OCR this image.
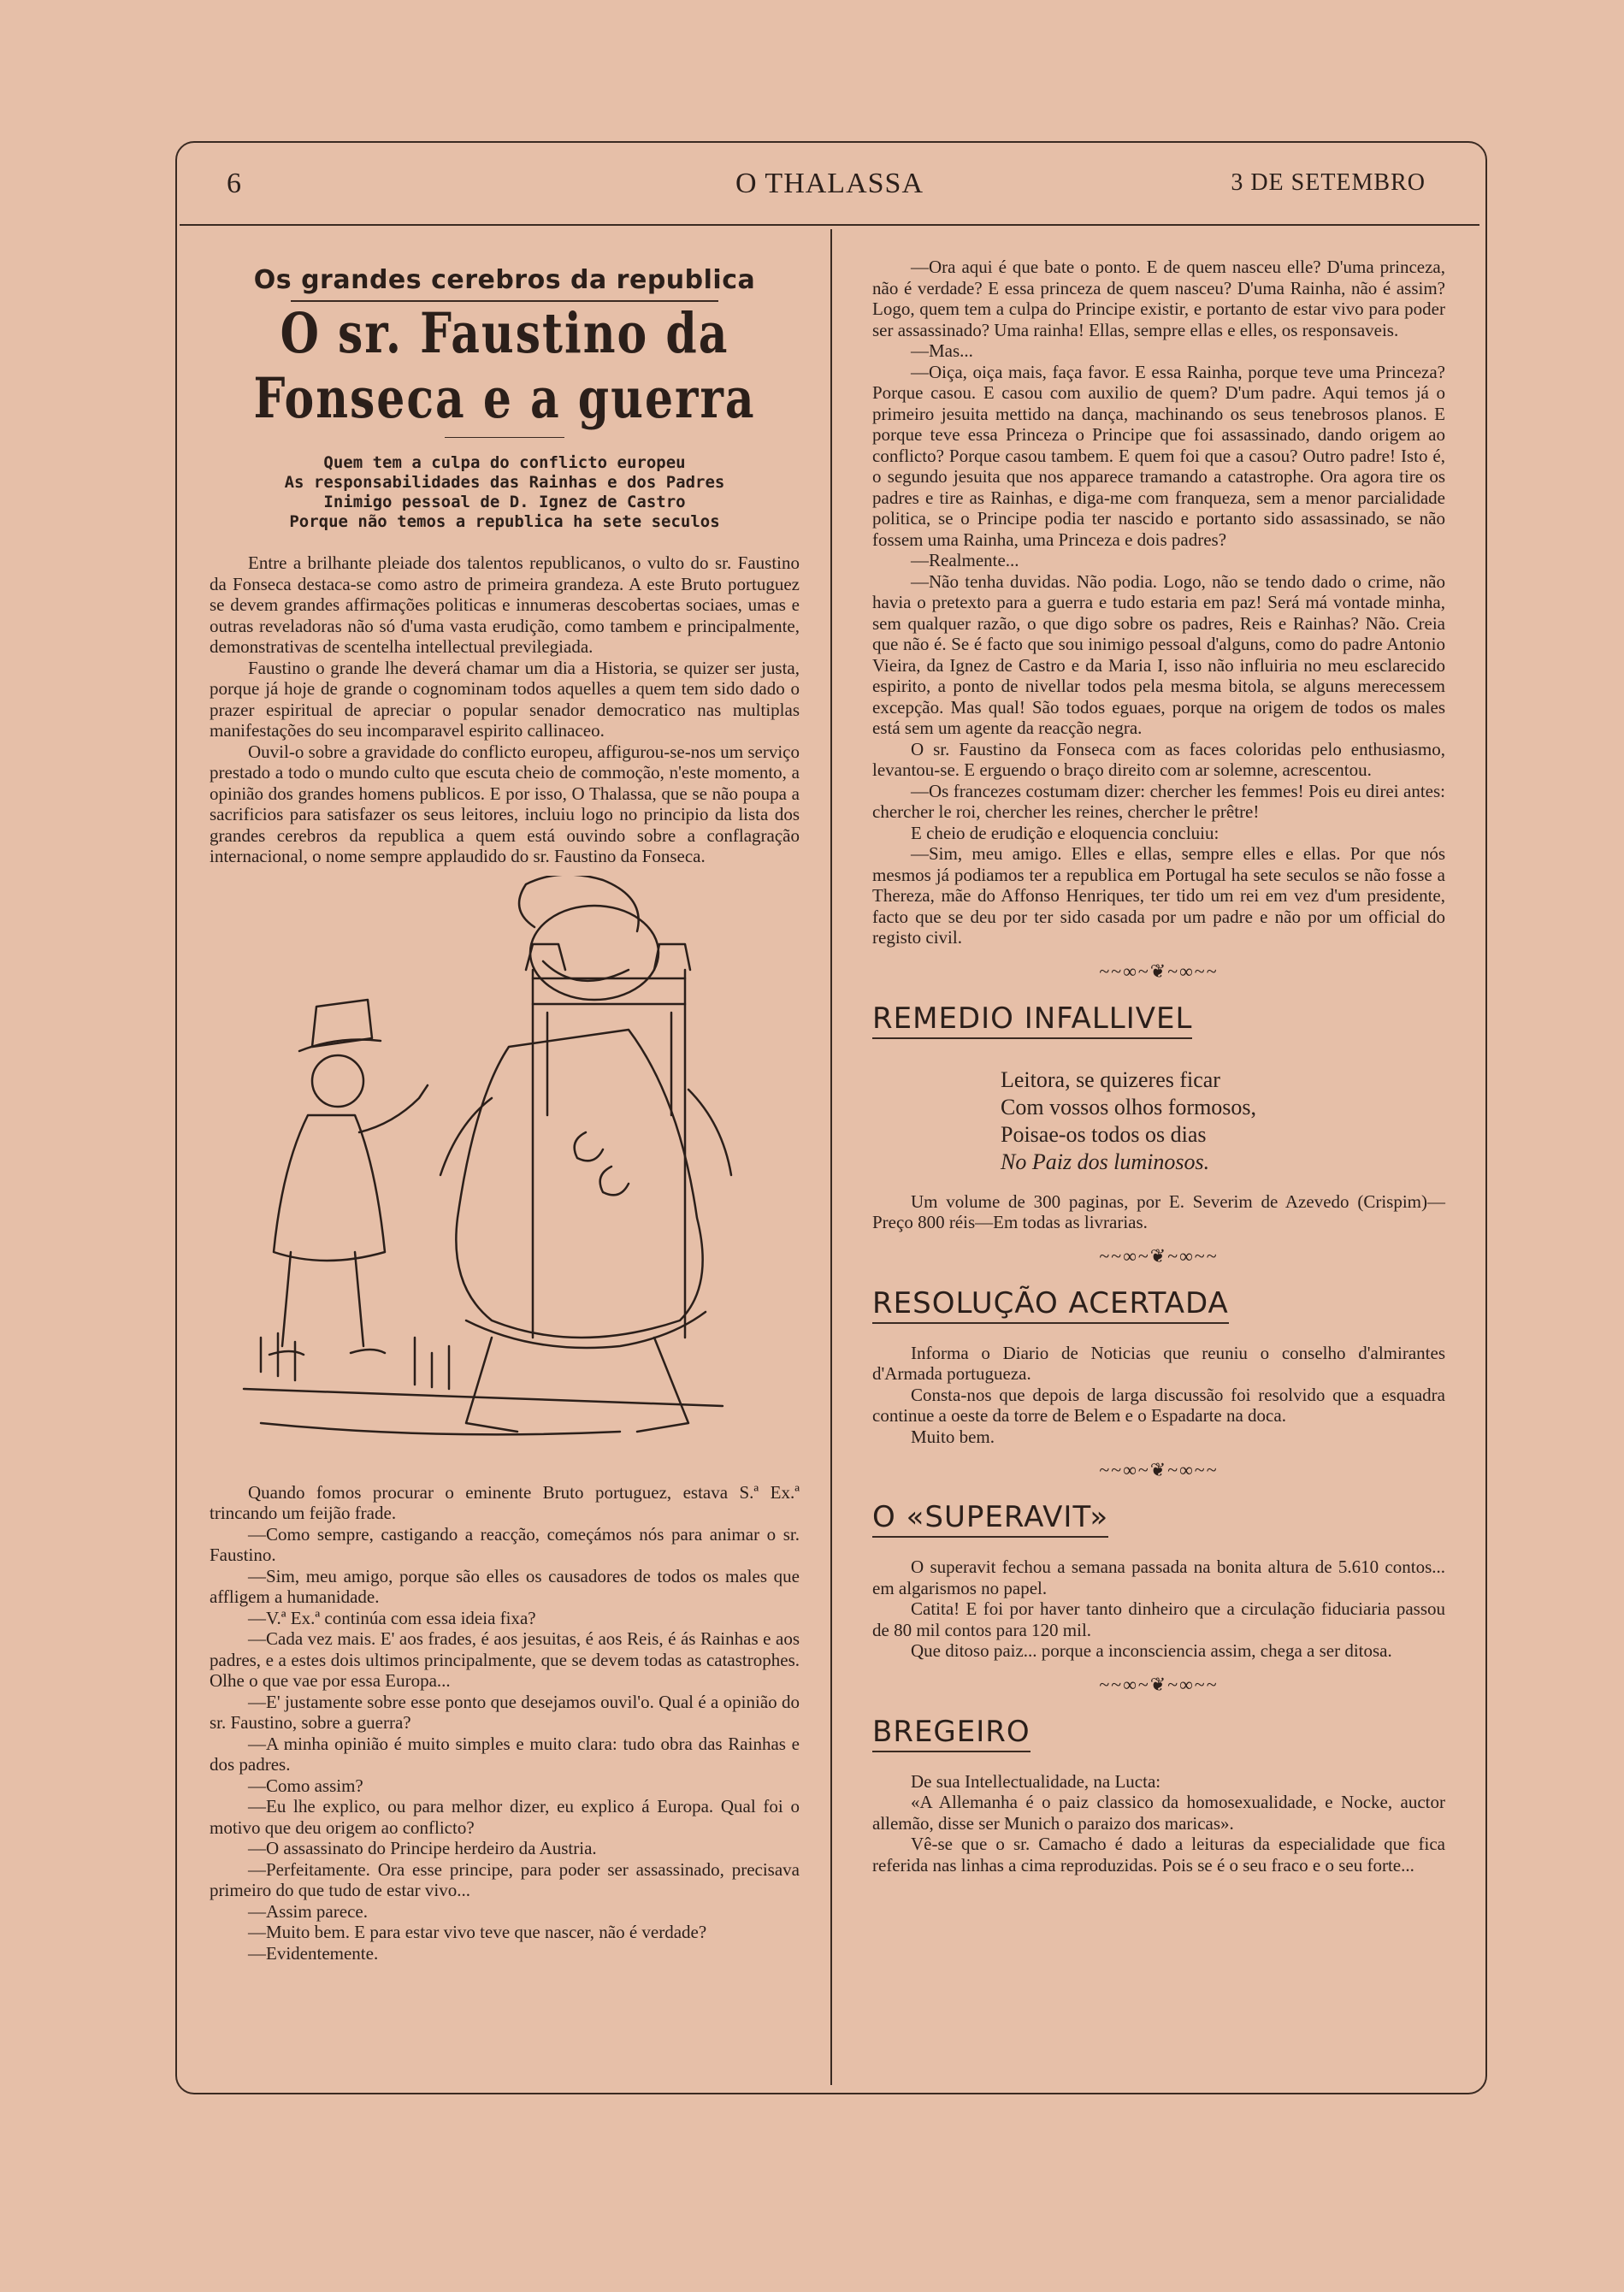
6	O THALASSA	3 DE SETEMBRO
Os grandes cerebros da republica
O sr. Faustino da Fonseca e a guerra
Quem tem a culpa do conflicto europeu
As responsabilidades das Rainhas e dos Padres
Inimigo pessoal de D. Ignez de Castro
Porque não temos a republica ha sete seculos

Entre a brilhante pleiade dos talentos republicanos, o vulto do sr. Faustino da Fonseca destaca-se como astro de primeira grandeza. A este Bruto portuguez se devem grandes affirmações politicas e innumeras descobertas sociaes, umas e outras reveladoras não só d'uma vasta erudição, como tambem e principalmente, demonstrativas de scentelha intellectual previlegiada.

Faustino o grande lhe deverá chamar um dia a Historia, se quizer ser justa, porque já hoje de grande o cognominam todos aquelles a quem tem sido dado o prazer espiritual de apreciar o popular senador democratico nas multiplas manifestações do seu incomparavel espirito callinaceo.

Ouvil-o sobre a gravidade do conflicto europeu, affigurou-se-nos um serviço prestado a todo o mundo culto que escuta cheio de commoção, n'este momento, a opinião dos grandes homens publicos. E por isso, O Thalassa, que se não poupa a sacrificios para satisfazer os seus leitores, incluiu logo no principio da lista dos grandes cerebros da republica a quem está ouvindo sobre a conflagração internacional, o nome sempre applaudido do sr. Faustino da Fonseca.

Quando fomos procurar o eminente Bruto portuguez, estava S.ª Ex.ª trincando um feijão frade.

—Como sempre, castigando a reacção, começámos nós para animar o sr. Faustino.

—Sim, meu amigo, porque são elles os causadores de todos os males que affligem a humanidade.

—V.ª Ex.ª continúa com essa ideia fixa?

—Cada vez mais. E' aos frades, é aos jesuitas, é aos Reis, é ás Rainhas e aos padres, e a estes dois ultimos principalmente, que se devem todas as catastrophes. Olhe o que vae por essa Europa...

—E' justamente sobre esse ponto que desejamos ouvil'o. Qual é a opinião do sr. Faustino, sobre a guerra?

—A minha opinião é muito simples e muito clara: tudo obra das Rainhas e dos padres.

—Como assim?

—Eu lhe explico, ou para melhor dizer, eu explico á Europa. Qual foi o motivo que deu origem ao conflicto?

—O assassinato do Principe herdeiro da Austria.

—Perfeitamente. Ora esse principe, para poder ser assassinado, precisava primeiro do que tudo de estar vivo...

—Assim parece.

—Muito bem. E para estar vivo teve que nascer, não é verdade?

—Evidentemente.

—Ora aqui é que bate o ponto. E de quem nasceu elle? D'uma princeza, não é verdade? E essa princeza de quem nasceu? D'uma Rainha, não é assim? Logo, quem tem a culpa do Principe existir, e portanto de estar vivo para poder ser assassinado? Uma rainha! Ellas, sempre ellas e elles, os responsaveis.

—Mas...

—Oiça, oiça mais, faça favor. E essa Rainha, porque teve uma Princeza? Porque casou. E casou com auxilio de quem? D'um padre. Aqui temos já o primeiro jesuita mettido na dança, machinando os seus tenebrosos planos. E porque teve essa Princeza o Principe que foi assassinado, dando origem ao conflicto? Porque casou tambem. E quem foi que a casou? Outro padre! Isto é, o segundo jesuita que nos apparece tramando a catastrophe. Ora agora tire os padres e tire as Rainhas, e diga-me com franqueza, sem a menor parcialidade politica, se o Principe podia ter nascido e portanto sido assassinado, se não fossem uma Rainha, uma Princeza e dois padres?

—Realmente...

—Não tenha duvidas. Não podia. Logo, não se tendo dado o crime, não havia o pretexto para a guerra e tudo estaria em paz! Será má vontade minha, sem qualquer razão, o que digo sobre os padres, Reis e Rainhas? Não. Creia que não é. Se é facto que sou inimigo pessoal d'alguns, como do padre Antonio Vieira, da Ignez de Castro e da Maria I, isso não influiria no meu esclarecido espirito, a ponto de nivellar todos pela mesma bitola, se alguns merecessem excepção. Mas qual! São todos eguaes, porque na origem de todos os males está sem um agente da reacção negra.

O sr. Faustino da Fonseca com as faces coloridas pelo enthusiasmo, levantou-se. E erguendo o braço direito com ar solemne, acrescentou.

—Os francezes costumam dizer: chercher les femmes! Pois eu direi antes: chercher le roi, chercher les reines, chercher le prêtre!

E cheio de erudição e eloquencia concluiu:

—Sim, meu amigo. Elles e ellas, sempre elles e ellas. Por que nós mesmos já podiamos ter a republica em Portugal ha sete seculos se não fosse a Thereza, mãe do Affonso Henriques, ter tido um rei em vez d'um presidente, facto que se deu por ter sido casada por um padre e não por um official do registo civil.

~~∞~❦~∞~~
REMEDIO INFALLIVEL
Leitora, se quizeres ficar
Com vossos olhos formosos,
Poisae-os todos os dias
No Paiz dos luminosos.

Um volume de 300 paginas, por E. Severim de Azevedo (Crispim)—Preço 800 réis—Em todas as livrarias.

~~∞~❦~∞~~
RESOLUÇÃO ACERTADA

Informa o Diario de Noticias que reuniu o conselho d'almirantes d'Armada portugueza.

Consta-nos que depois de larga discussão foi resolvido que a esquadra continue a oeste da torre de Belem e o Espadarte na doca.

Muito bem.

~~∞~❦~∞~~
O «SUPERAVIT»

O superavit fechou a semana passada na bonita altura de 5.610 contos... em algarismos no papel.

Catita! E foi por haver tanto dinheiro que a circulação fiduciaria passou de 80 mil contos para 120 mil.

Que ditoso paiz... porque a inconsciencia assim, chega a ser ditosa.

~~∞~❦~∞~~
BREGEIRO

De sua Intellectualidade, na Lucta:

«A Allemanha é o paiz classico da homosexualidade, e Nocke, auctor allemão, disse ser Munich o paraizo dos maricas».

Vê-se que o sr. Camacho é dado a leituras da especialidade que fica referida nas linhas a cima reproduzidas. Pois se é o seu fraco e o seu forte...
